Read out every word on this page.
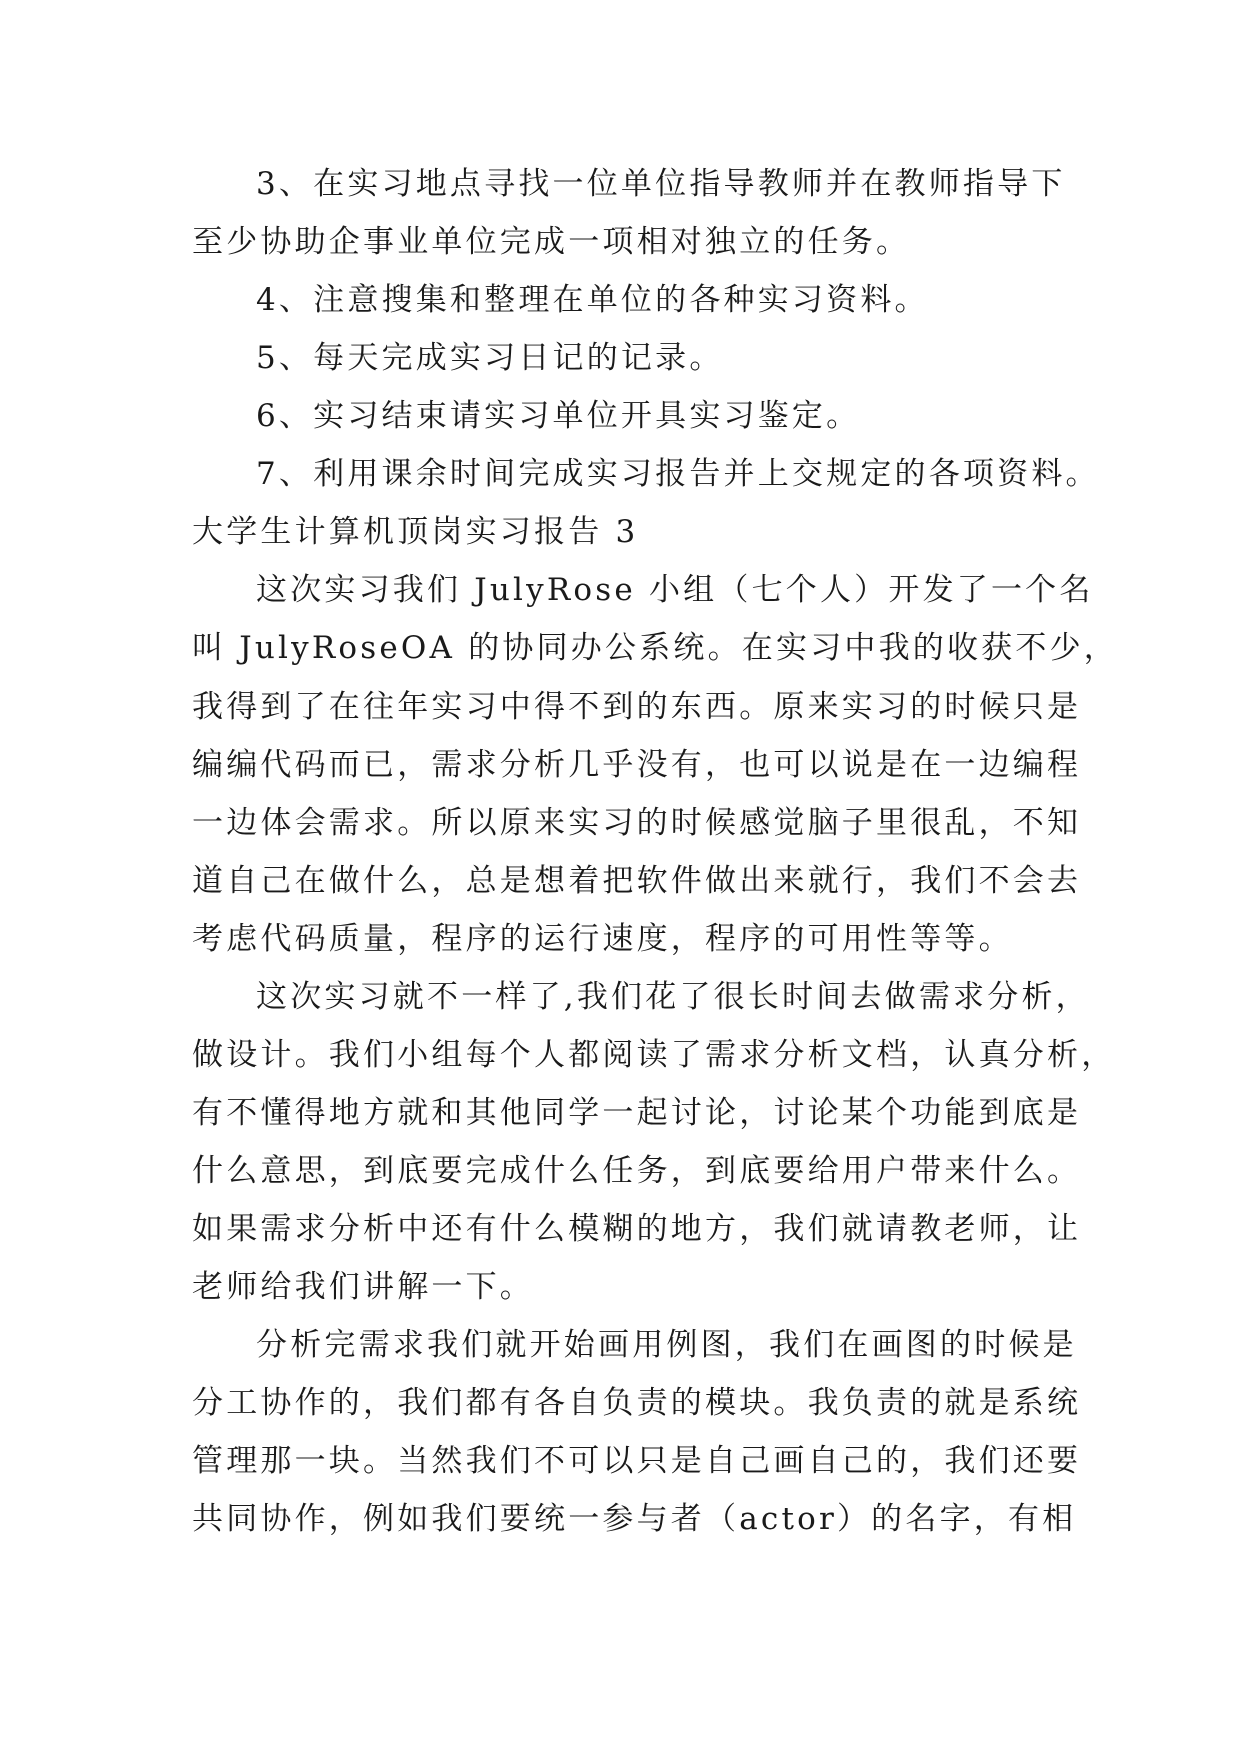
3、在实习地点寻找一位单位指导教师并在教师指导下
至少协助企事业单位完成一项相对独立的任务。
4、注意搜集和整理在单位的各种实习资料。
5、每天完成实习日记的记录。
6、实习结束请实习单位开具实习鉴定。
7、利用课余时间完成实习报告并上交规定的各项资料。
大学生计算机顶岗实习报告 3
这次实习我们 JulyRose 小组（七个人）开发了一个名
叫 JulyRoseOA 的协同办公系统。在实习中我的收获不少，
我得到了在往年实习中得不到的东西。原来实习的时候只是
编编代码而已，需求分析几乎没有，也可以说是在一边编程
一边体会需求。所以原来实习的时候感觉脑子里很乱，不知
道自己在做什么，总是想着把软件做出来就行，我们不会去
考虑代码质量，程序的运行速度，程序的可用性等等。
这次实习就不一样了,我们花了很长时间去做需求分析，
做设计。我们小组每个人都阅读了需求分析文档，认真分析，
有不懂得地方就和其他同学一起讨论，讨论某个功能到底是
什么意思，到底要完成什么任务，到底要给用户带来什么。
如果需求分析中还有什么模糊的地方，我们就请教老师，让
老师给我们讲解一下。
分析完需求我们就开始画用例图，我们在画图的时候是
分工协作的，我们都有各自负责的模块。我负责的就是系统
管理那一块。当然我们不可以只是自己画自己的，我们还要
共同协作，例如我们要统一参与者（actor）的名字，有相
